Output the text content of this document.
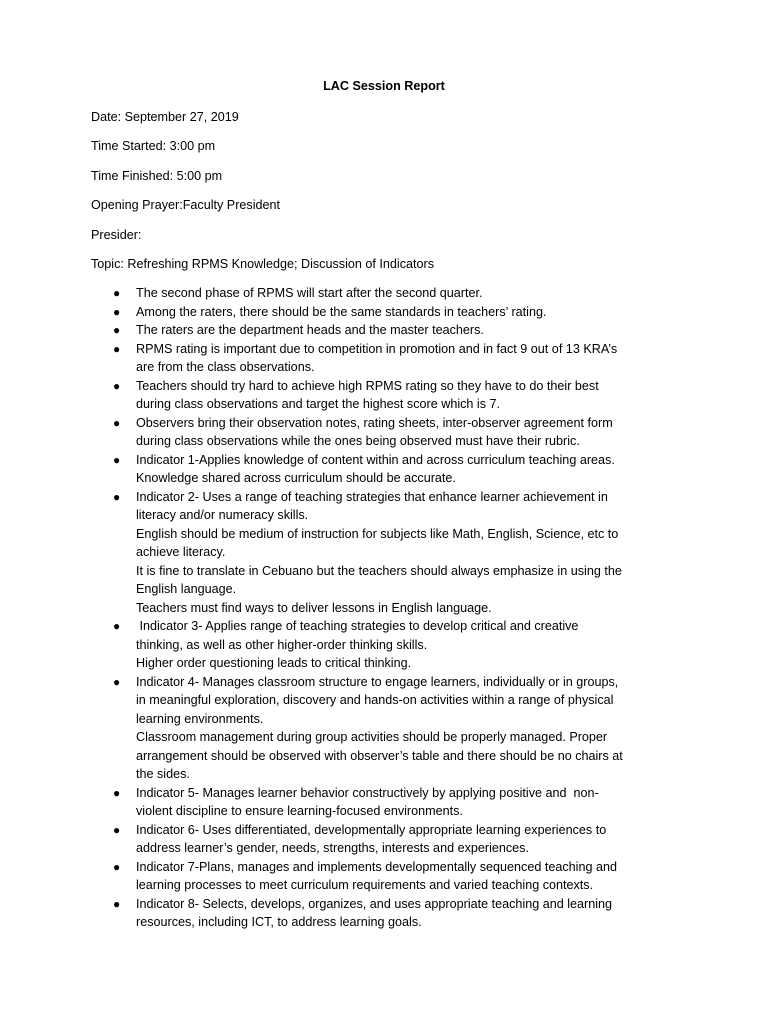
LAC Session Report
Date: September 27, 2019
Time Started: 3:00 pm
Time Finished: 5:00 pm
Opening Prayer:Faculty President
Presider:
Topic: Refreshing RPMS Knowledge; Discussion of Indicators
● The second phase of RPMS will start after the second quarter.
● Among the raters, there should be the same standards in teachers’ rating.
● The raters are the department heads and the master teachers.
● RPMS rating is important due to competition in promotion and in fact 9 out of 13 KRA’s
are from the class observations.
● Teachers should try hard to achieve high RPMS rating so they have to do their best
during class observations and target the highest score which is 7.
● Observers bring their observation notes, rating sheets, inter-observer agreement form
during class observations while the ones being observed must have their rubric.
● Indicator 1-Applies knowledge of content within and across curriculum teaching areas.
Knowledge shared across curriculum should be accurate.
● Indicator 2- Uses a range of teaching strategies that enhance learner achievement in
literacy and/or numeracy skills.
English should be medium of instruction for subjects like Math, English, Science, etc to
achieve literacy.
It is fine to translate in Cebuano but the teachers should always emphasize in using the
English language.
Teachers must find ways to deliver lessons in English language.
● Indicator 3- Applies range of teaching strategies to develop critical and creative
thinking, as well as other higher-order thinking skills.
Higher order questioning leads to critical thinking.
● Indicator 4- Manages classroom structure to engage learners, individually or in groups,
in meaningful exploration, discovery and hands-on activities within a range of physical
learning environments.
Classroom management during group activities should be properly managed. Proper
arrangement should be observed with observer’s table and there should be no chairs at
the sides.
● Indicator 5- Manages learner behavior constructively by applying positive and  non-
violent discipline to ensure learning-focused environments.
● Indicator 6- Uses differentiated, developmentally appropriate learning experiences to
address learner’s gender, needs, strengths, interests and experiences.
● Indicator 7-Plans, manages and implements developmentally sequenced teaching and
learning processes to meet curriculum requirements and varied teaching contexts.
● Indicator 8- Selects, develops, organizes, and uses appropriate teaching and learning
resources, including ICT, to address learning goals.
